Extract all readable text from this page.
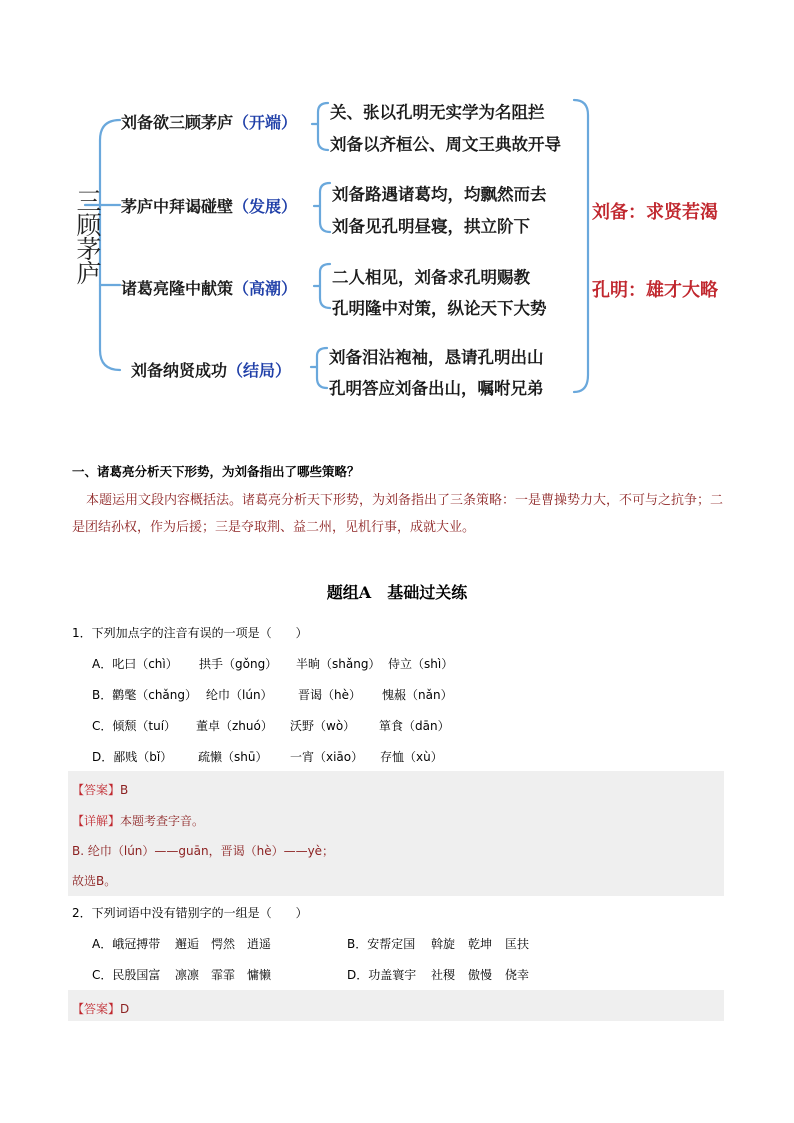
三顾茅庐
刘备欲三顾茅庐（开端）
茅庐中拜谒碰壁（发展）
诸葛亮隆中献策（高潮）
刘备纳贤成功（结局）
关、张以孔明无实学为名阻拦
刘备以齐桓公、周文王典故开导
刘备路遇诸葛均，均飘然而去
刘备见孔明昼寝，拱立阶下
二人相见，刘备求孔明赐教
孔明隆中对策，纵论天下大势
刘备泪沾袍袖，恳请孔明出山
孔明答应刘备出山，嘱咐兄弟
刘备：求贤若渴
孔明：雄才大略
一、诸葛亮分析天下形势，为刘备指出了哪些策略？
本题运用文段内容概括法。诸葛亮分析天下形势，为刘备指出了三条策略：一是曹操势力大，不可与之抗争；二是团结孙权，作为后援；三是夺取荆、益二州，见机行事，成就大业。
题组A　基础过关练
1．下列加点字的注音有误的一项是（　　）
A．叱曰（chì） 拱手（gǒng） 半晌（shǎng） 侍立（shì）
B．鹳氅（chǎng） 纶巾（lún） 晋谒（hè） 愧赧（nǎn）
C．倾颓（tuí） 董卓（zhuó） 沃野（wò） 箪食（dān）
D．鄙贱（bǐ） 疏懒（shū） 一宵（xiāo） 存恤（xù）
【答案】B
【详解】本题考查字音。
B. 纶巾（lún）——guān，晋谒（hè）——yè；
故选B。
2．下列词语中没有错别字的一组是（　　）
A．峨冠搏带 邂逅 愕然 逍遥	B．安帮定国 斡旋 乾坤 匡扶
C．民殷国富 凛凛 霏霏 慵懒	D．功盖寰宇 社稷 傲慢 侥幸
【答案】D
